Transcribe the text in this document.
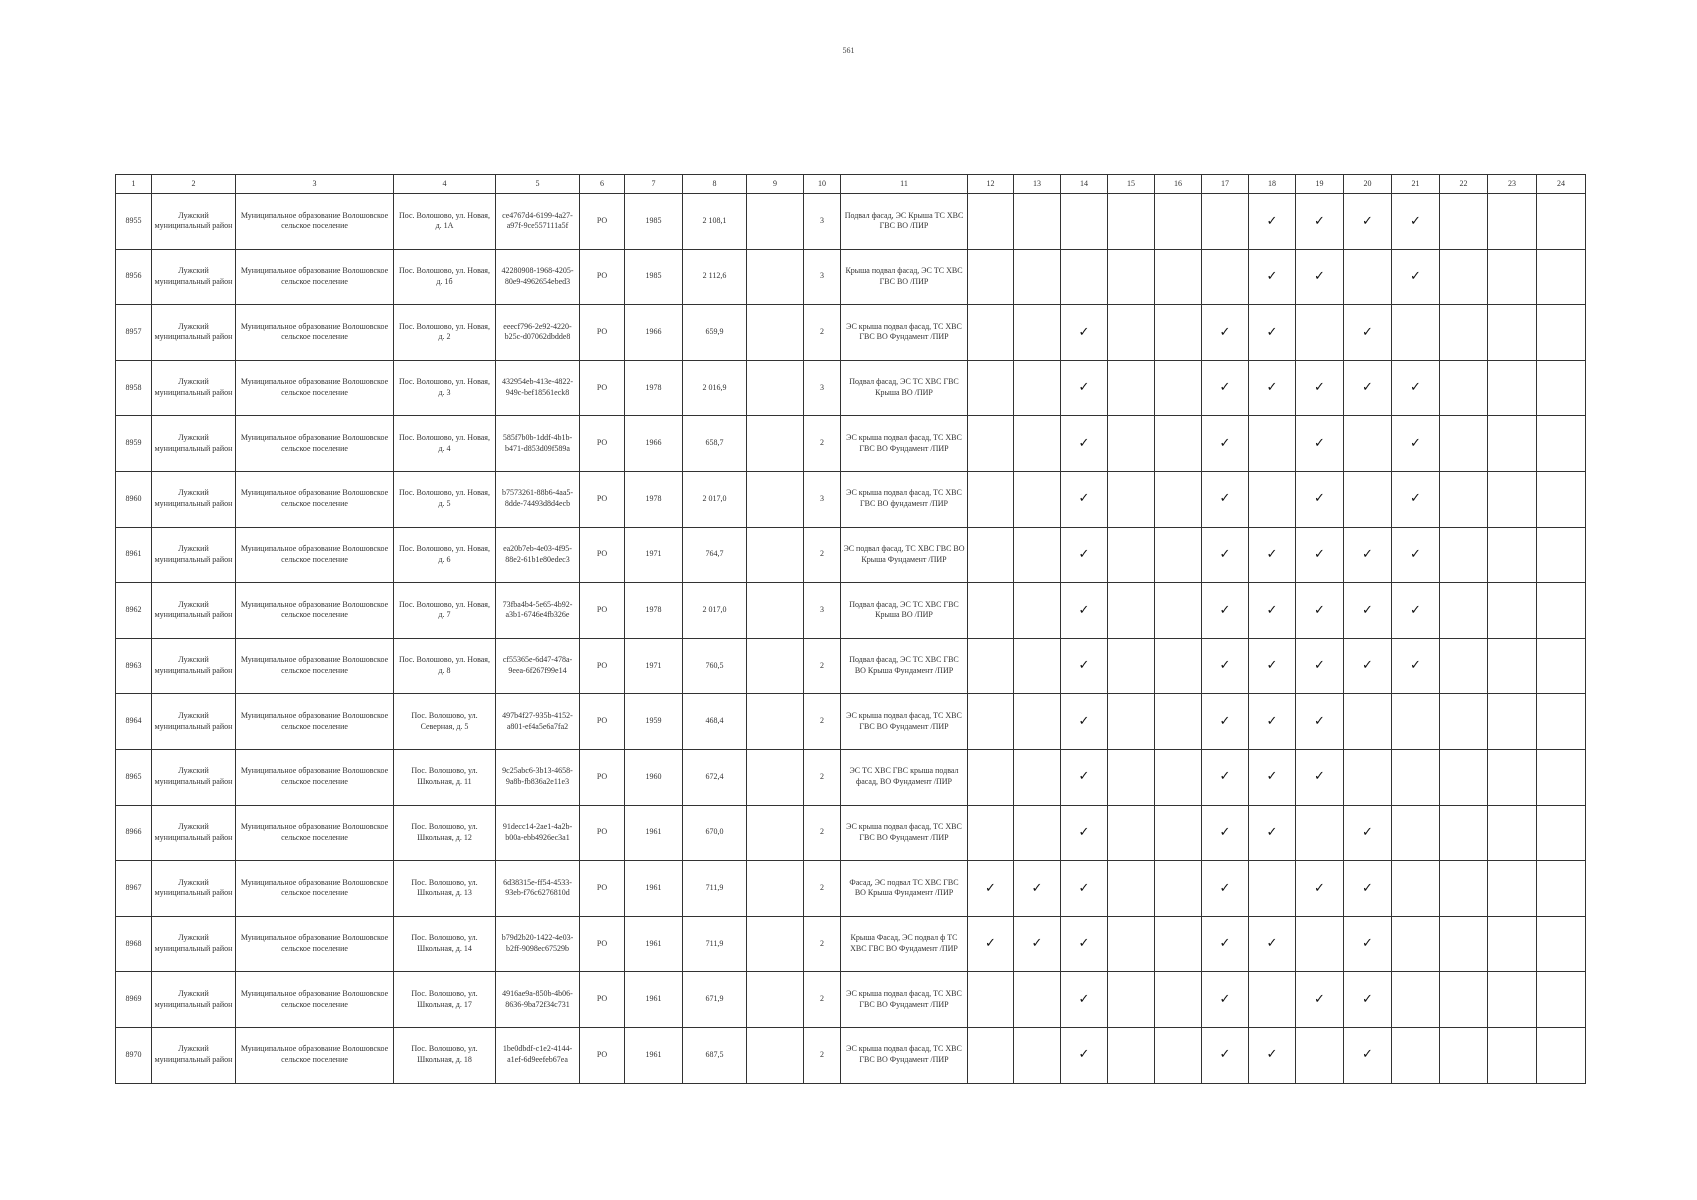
561
1	2	3	4	5	6	7	8	9	10	11	12	13	14	15	16	17	18	19	20	21	22	23	24
8955	Лужский муниципальный район	Муниципальное образование Волошовское сельское поселение	Пос. Волошово, ул. Новая, д. 1А	ce4767d4-6199-4a27-a97f-9ce557111a5f	РО	1985	2 108,1		3	Подвал фасад, ЭС Крыша ТС ХВС ГВС ВО /ПИР							✓	✓	✓	✓			
8956	Лужский муниципальный район	Муниципальное образование Волошовское сельское поселение	Пос. Волошово, ул. Новая, д. 1б	42280908-1968-4205-80e9-4962654ebed3	РО	1985	2 112,6		3	Крыша подвал фасад, ЭС ТС ХВС ГВС ВО /ПИР							✓	✓		✓			
8957	Лужский муниципальный район	Муниципальное образование Волошовское сельское поселение	Пос. Волошово, ул. Новая, д. 2	eeecf796-2e92-4220-b25c-d07062dbdde8	РО	1966	659,9		2	ЭС крыша подвал фасад, ТС ХВС ГВС ВО Фундамент /ПИР			✓			✓	✓		✓				
8958	Лужский муниципальный район	Муниципальное образование Волошовское сельское поселение	Пос. Волошово, ул. Новая, д. 3	432954eb-413e-4822-949c-bef18561eck8	РО	1978	2 016,9		3	Подвал фасад, ЭС ТС ХВС ГВС Крыша ВО /ПИР			✓			✓	✓	✓	✓	✓			
8959	Лужский муниципальный район	Муниципальное образование Волошовское сельское поселение	Пос. Волошово, ул. Новая, д. 4	585f7b0b-1ddf-4b1b-b471-d853d09f589a	РО	1966	658,7		2	ЭС крыша подвал фасад, ТС ХВС ГВС ВО Фундамент /ПИР			✓			✓		✓		✓			
8960	Лужский муниципальный район	Муниципальное образование Волошовское сельское поселение	Пос. Волошово, ул. Новая, д. 5	b7573261-88b6-4aa5-8dde-74493d8d4ecb	РО	1978	2 017,0		3	ЭС крыша подвал фасад, ТС ХВС ГВС ВО фундамент /ПИР			✓			✓		✓		✓			
8961	Лужский муниципальный район	Муниципальное образование Волошовское сельское поселение	Пос. Волошово, ул. Новая, д. 6	ea20b7eb-4e03-4f95-88e2-61b1e80edec3	РО	1971	764,7		2	ЭС подвал фасад, ТС ХВС ГВС ВО Крыша Фундамент /ПИР			✓			✓	✓	✓	✓	✓			
8962	Лужский муниципальный район	Муниципальное образование Волошовское сельское поселение	Пос. Волошово, ул. Новая, д. 7	73fba4b4-5e65-4b92-a3b1-6746e4fb326e	РО	1978	2 017,0		3	Подвал фасад, ЭС ТС ХВС ГВС Крыша ВО /ПИР			✓			✓	✓	✓	✓	✓			
8963	Лужский муниципальный район	Муниципальное образование Волошовское сельское поселение	Пос. Волошово, ул. Новая, д. 8	cf55365e-6d47-478a-9eea-6f267f99e14	РО	1971	760,5		2	Подвал фасад, ЭС ТС ХВС ГВС ВО Крыша Фундамент /ПИР			✓			✓	✓	✓	✓	✓			
8964	Лужский муниципальный район	Муниципальное образование Волошовское сельское поселение	Пос. Волошово, ул. Северная, д. 5	497b4f27-935b-4152-a801-ef4a5e6a7fa2	РО	1959	468,4		2	ЭС крыша подвал фасад, ТС ХВС ГВС ВО Фундамент /ПИР			✓			✓	✓	✓					
8965	Лужский муниципальный район	Муниципальное образование Волошовское сельское поселение	Пос. Волошово, ул. Школьная, д. 11	9c25abc6-3b13-4658-9a8b-fb836a2e11e3	РО	1960	672,4		2	ЭС ТС ХВС ГВС крыша подвал фасад, ВО Фундамент /ПИР			✓			✓	✓	✓					
8966	Лужский муниципальный район	Муниципальное образование Волошовское сельское поселение	Пос. Волошово, ул. Школьная, д. 12	91decc14-2ae1-4a2b-b00a-ebb4926ec3a1	РО	1961	670,0		2	ЭС крыша подвал фасад, ТС ХВС ГВС ВО Фундамент /ПИР			✓			✓	✓		✓				
8967	Лужский муниципальный район	Муниципальное образование Волошовское сельское поселение	Пос. Волошово, ул. Школьная, д. 13	6d38315e-ff54-4533-93eb-f76c6276810d	РО	1961	711,9		2	Фасад, ЭС подвал ТС ХВС ГВС ВО Крыша Фундамент /ПИР	✓	✓	✓			✓		✓	✓				
8968	Лужский муниципальный район	Муниципальное образование Волошовское сельское поселение	Пос. Волошово, ул. Школьная, д. 14	b79d2b20-1422-4e03-b2ff-9098ec67529b	РО	1961	711,9		2	Крыша Фасад, ЭС подвал ф ТС ХВС ГВС ВО Фундамент /ПИР	✓	✓	✓			✓	✓		✓				
8969	Лужский муниципальный район	Муниципальное образование Волошовское сельское поселение	Пос. Волошово, ул. Школьная, д. 17	4916ae9a-850b-4b06-8636-9ba72f34c731	РО	1961	671,9		2	ЭС крыша подвал фасад, ТС ХВС ГВС ВО Фундамент /ПИР			✓			✓		✓	✓				
8970	Лужский муниципальный район	Муниципальное образование Волошовское сельское поселение	Пос. Волошово, ул. Школьная, д. 18	1be0dbdf-c1e2-4144-a1ef-6d9eefeb67ea	РО	1961	687,5		2	ЭС крыша подвал фасад, ТС ХВС ГВС ВО Фундамент /ПИР			✓			✓	✓		✓				
